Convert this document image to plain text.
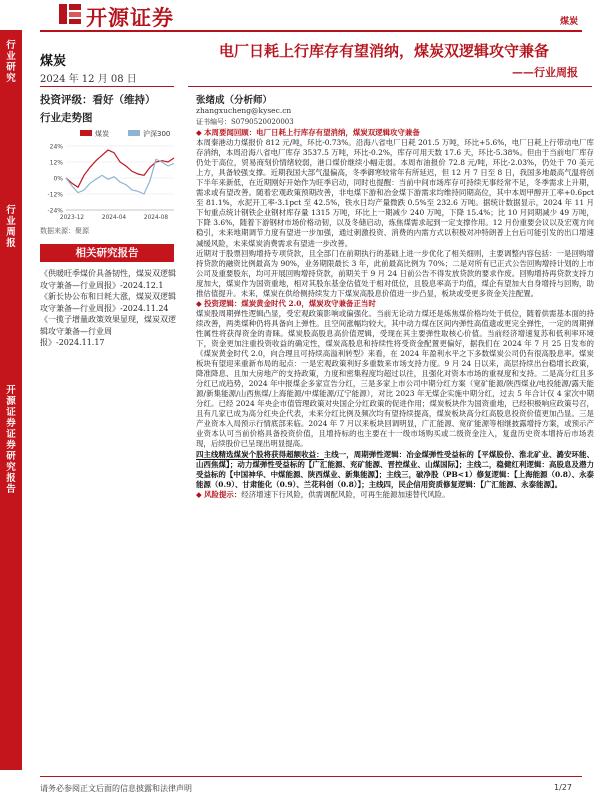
开源证券	煤炭
行
业
研
究
行
业
周
报
开
源
证
券
证
券
研
究
报
告
煤炭
2024 年 12 月 08 日
投资评级：看好（维持）
行业走势图
煤炭	沪深300
24%
12%
0%
-12%
-24%
2023-12	2024-04	2024-08
数据来源：聚源
相关研究报告

《供暖旺季煤价具备韧性，煤炭双逻辑攻守兼备—行业周报》-2024.12.1

《新长协公布和日耗大涨，煤炭双逻辑攻守兼备—行业周报》-2024.11.24

《一揽子增量政策效果显现，煤炭双逻辑攻守兼备—行业周报》-2024.11.17

电厂日耗上行库存有望消纳，煤炭双逻辑攻守兼备
——行业周报
张绪成（分析师）
zhangxucheng@kysec.cn
证书编号：S0790520020003

◆ 本周要闻回顾：电厂日耗上行库存有望消纳，煤炭双逻辑攻守兼备
本周秦港动力煤报价 812 元/吨，环比-0.73%。沿海八省电厂日耗 201.5 万吨，环比+5.6%，电厂日耗上行带动电厂库存消纳，本周沿海八省电厂库存 3537.5 万吨，环比-0.2%，库存可用天数 17.6 天，环比-5.38%。但由于当前电厂库存仍处于高位，贸易商刻价情绪较弱，港口煤价继续小幅走弱。本周布油报价 72.8 元/吨，环比-2.03%，仍处于 70 美元上方，具备较强支撑。近期我国大部气温偏高，冬季御寒较常年有所延迟，但 12 月 7 日至 8 日，我国多地最高气温将创下半年来新低，在近期刚好开始作为旺季启动，同时也提醒：当前中间市场库存可持续无事经常不足，冬季需求上升期，需求或有望改善。随着宏观政策预期改善，非电煤下游和冶金煤下游需求均维持同期高位，其中本周甲醇开工率+0.6pct 至 81.1%，水泥开工率-3.1pct 至 42.5%，铁水日均产量微跌 0.5%至 232.6 万吨。据统计数据显示，2024 年 11 月下旬重点统计钢铁企业钢材库存量 1315 万吨，环比上一期减少 240 万吨，下降 15.4%；比 10 月同期减少 49 万吨，下降 3.6%，随着下游钢材市场价格动韧，以及冬储启动，炼焦煤需求起到一定支撑作用。12 月份重要会议以及宏观方向稳引，未来地期调节力度有望进一步加强，通过刺激投资、消费的内需方式以积极对冲特朗普上台后可能引发的出口增速减缓风险，未来煤炭消费需求有望进一步改善。

近期对于股票回购增持专项贷款，且全部门在前期执行的基础上进一步优化了相关细则，主要调整内容包括：一是回购增持贷款的融资比例最高为 90%，业务期限最长 3 年，此前最高比例为 70%；二是对所有已正式公告回购增持计划的上市公司及重要股东，均可开展回购增持贷款，前期关于 9 月 24 日前公告不得发放贷款的要求作废。回购增持再贷款支持力度加大，煤炭作为国资重地，相对其股东基金估值处于相对低位，且股息率高于均值，煤企有望加大自身增持与回购，助推估值提升。未来，煤炭在供给侧持续发力下煤炭高股息价值进一步凸显，板块或受更多资金关注配置。

◆ 投资逻辑：煤炭黄金时代 2.0，煤炭攻守兼备正当时
煤炭股周期弹性逻辑凸显，受宏观政策影响或偏强化。当前无论动力煤还是炼焦煤价格均处于低位，随着供需基本面的持续改善，两类煤种仍将具备向上弹性。且空间涨幅均较大，其中动力煤在区间内弹性高值遗或更完全弹性，一定的周期弹性属性将获得资金的青睐。煤炭股高股息高价值逻辑，受现在其主要弹性取核心价值。当前经济增速复苏和低利率环境下，资金更加注重投资收益的确定性，煤炭高股息和持续性将受资金配置更偏好，据我们在 2024 年 7 月 25 日发布的《煤炭黄金时代 2.0，向合理且可持续高溢利转型》来看，在 2024 年盈利水平之下多数煤炭公司仍有很高股息率。煤炭板块有望迎来重新布局的起点：一是宏观政策利好多重数来市场支持力度。9 月 24 日以来，高层持续出台稳增长政策，降准降息、且加大房地产的支持政策，力度和密集程度均超过以往，且强化对资本市场的重视度和支持。二是高分红且多分红已成趋势，2024 年中报煤企多家宣告分红，三是多家上市公司中期分红方案（宽矿能源/陕西煤业/电投能源/露天能源/新集能源/山西焦煤/上海能源/中煤能源/辽宁能源），对比 2023 年无煤企实施中期分红，过去 5 年合计仅 4 家次中期分红。已经 2024 年央企市值管理政策对央国企分红政策的促进作用；煤炭板块作为国资重地，已经积极响应政策号召，且有几家已成为高分红央企代表，未来分红比例及频次均有望持续提高，煤炭板块高分红高股息投资价值更加凸显。三是产业资本入局预示行情底部来临。2024 年 7 月以来板块回调明显，广汇能源、宽矿能源等相继披露增持方案，或预示产业资本认可当前价格具备投资价值，且增持标的也主要在十一级市场购买或二级资金注入，复盘历史资本增持后市场表现，后续股价已呈现出明显提高。

四主线精选煤炭个股将获得超额收益：主线一，周期弹性逻辑：冶金煤弹性受益标的【平煤股份、淮北矿业、潞安环能、山西焦煤】；动力煤弹性受益标的【广汇能源、兖矿能源、晋控煤业、山煤国际】；主线二，稳健红利逻辑：高股息及潜力受益标的【中国神华、中煤能源、陕西煤业、新集能源】；主线三，破净股（PB<1）修复逻辑：【上海能源（0.8）、永泰能源（0.9）、甘肃能化（0.9）、兰花科创（0.8）】；主线四，民企信用资质修复逻辑：【广汇能源、永泰能源】。

◆ 风险提示：经济增速下行风险，供需调配风险，可再生能源加速替代风险。

请务必参阅正文后面的信息披露和法律声明	1/27
